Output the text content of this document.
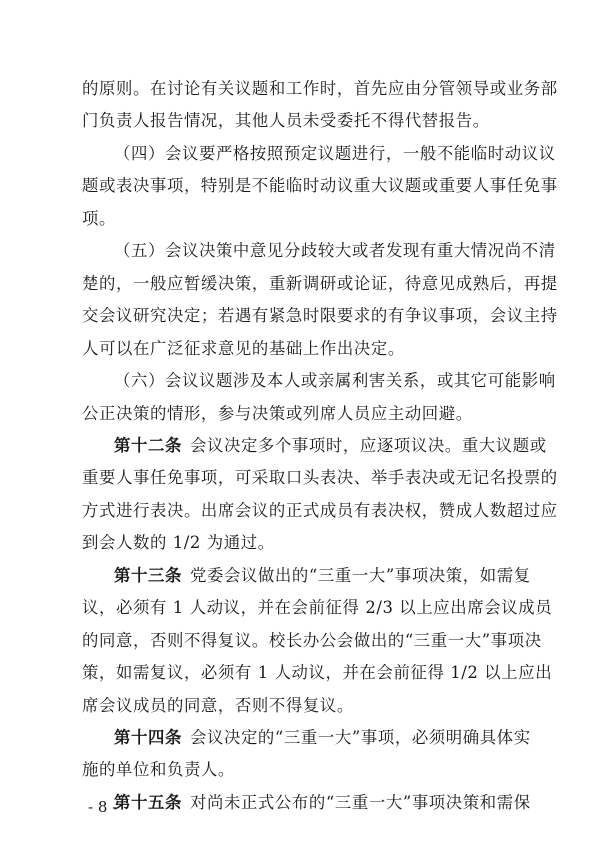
的原则。在讨论有关议题和工作时，首先应由分管领导或业务部
门负责人报告情况，其他人员未受委托不得代替报告。
（四）会议要严格按照预定议题进行，一般不能临时动议议
题或表决事项，特别是不能临时动议重大议题或重要人事任免事
项。
（五）会议决策中意见分歧较大或者发现有重大情况尚不清
楚的，一般应暂缓决策，重新调研或论证，待意见成熟后，再提
交会议研究决定；若遇有紧急时限要求的有争议事项，会议主持
人可以在广泛征求意见的基础上作出决定。
（六）会议议题涉及本人或亲属利害关系，或其它可能影响
公正决策的情形，参与决策或列席人员应主动回避。
第十二条 会议决定多个事项时，应逐项议决。重大议题或
重要人事任免事项，可采取口头表决、举手表决或无记名投票的
方式进行表决。出席会议的正式成员有表决权，赞成人数超过应
到会人数的 1/2 为通过。
第十三条 党委会议做出的“三重一大”事项决策，如需复
议，必须有 1 人动议，并在会前征得 2/3 以上应出席会议成员
的同意，否则不得复议。校长办公会做出的“三重一大”事项决
策，如需复议，必须有 1 人动议，并在会前征得 1/2 以上应出
席会议成员的同意，否则不得复议。
第十四条 会议决定的“三重一大”事项，必须明确具体实
施的单位和负责人。
第十五条 对尚未正式公布的“三重一大”事项决策和需保
- 8 -
